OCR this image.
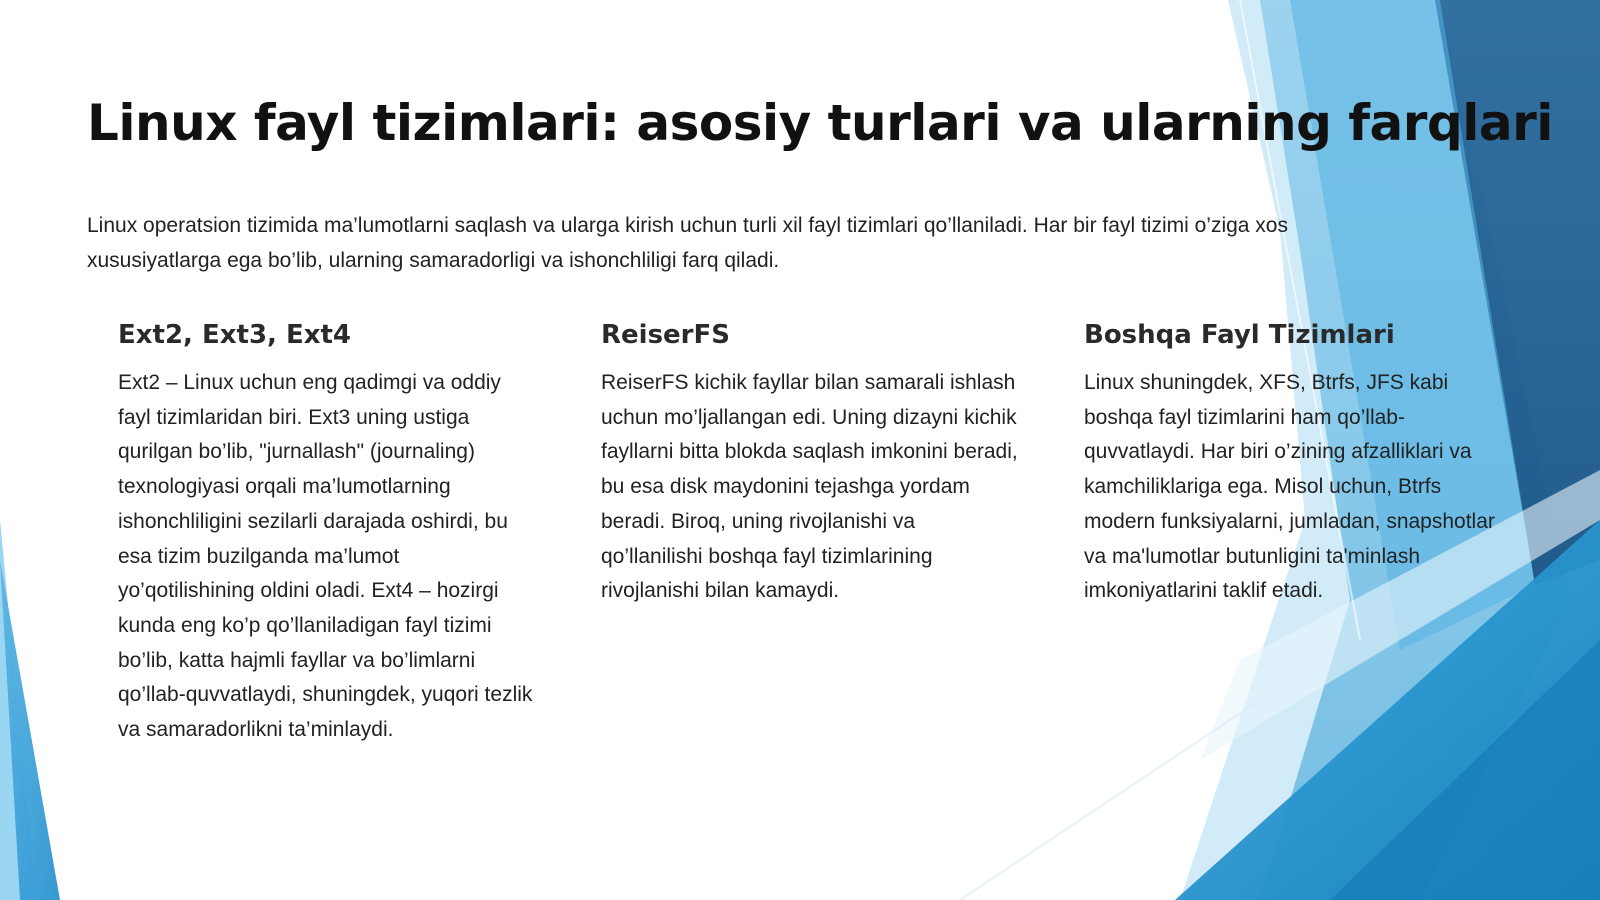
Linux fayl tizimlari: asosiy turlari va ularning farqlari

Linux operatsion tizimida ma’lumotlarni saqlash va ularga kirish uchun turli xil fayl tizimlari qo’llaniladi. Har bir fayl tizimi o’ziga xos xususiyatlarga ega bo’lib, ularning samaradorligi va ishonchliligi farq qiladi.

Ext2, Ext3, Ext4

Ext2 – Linux uchun eng qadimgi va oddiy fayl tizimlaridan biri. Ext3 uning ustiga qurilgan bo’lib, "jurnallash" (journaling) texnologiyasi orqali ma’lumotlarning ishonchliligini sezilarli darajada oshirdi, bu esa tizim buzilganda ma’lumot yo’qotilishining oldini oladi. Ext4 – hozirgi kunda eng ko’p qo’llaniladigan fayl tizimi bo’lib, katta hajmli fayllar va bo’limlarni qo’llab-quvvatlaydi, shuningdek, yuqori tezlik va samaradorlikni ta’minlaydi.

ReiserFS

ReiserFS kichik fayllar bilan samarali ishlash uchun mo’ljallangan edi. Uning dizayni kichik fayllarni bitta blokda saqlash imkonini beradi, bu esa disk maydonini tejashga yordam beradi. Biroq, uning rivojlanishi va qo’llanilishi boshqa fayl tizimlarining rivojlanishi bilan kamaydi.

Boshqa Fayl Tizimlari

Linux shuningdek, XFS, Btrfs, JFS kabi boshqa fayl tizimlarini ham qo’llab-quvvatlaydi. Har biri o’zining afzalliklari va kamchiliklariga ega. Misol uchun, Btrfs modern funksiyalarni, jumladan, snapshotlar va ma'lumotlar butunligini ta'minlash imkoniyatlarini taklif etadi.
